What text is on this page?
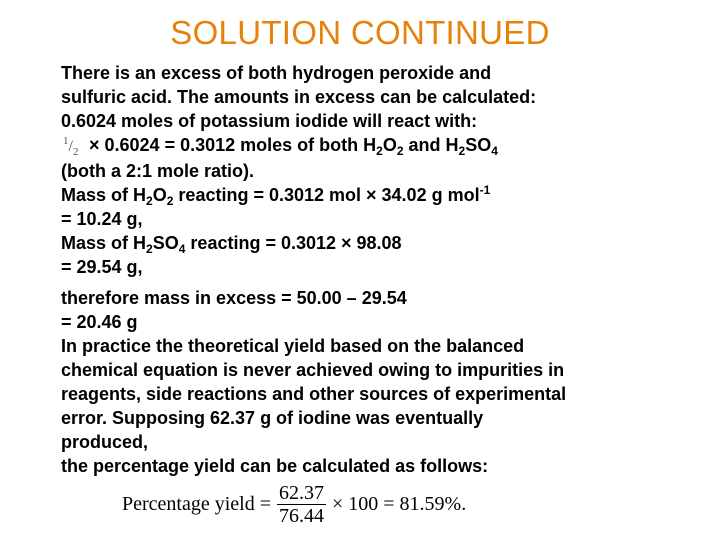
SOLUTION CONTINUED
There is an excess of both hydrogen peroxide and
sulfuric acid. The amounts in excess can be calculated:
0.6024 moles of potassium iodide will react with:
$^1/_2 \times 0.6024 = 0.3012$ moles of both $H_2O_2$ and $H_2SO_4$
(both a 2:1 mole ratio).
Mass of $H_2O_2$ reacting = 0.3012 mol × 34.02 g mol$^{-1}$
= 10.24 g,
Mass of $H_2SO_4$ reacting = 0.3012 × 98.08
= 29.54 g,
therefore mass in excess = 50.00 – 29.54
= 20.46 g
In practice the theoretical yield based on the balanced
chemical equation is never achieved owing to impurities in
reagents, side reactions and other sources of experimental
error. Supposing 62.37 g of iodine was eventually
produced,
the percentage yield can be calculated as follows:
Percentage yield = $\frac{62.37}{76.44} \times 100 = 81.59\%$.
